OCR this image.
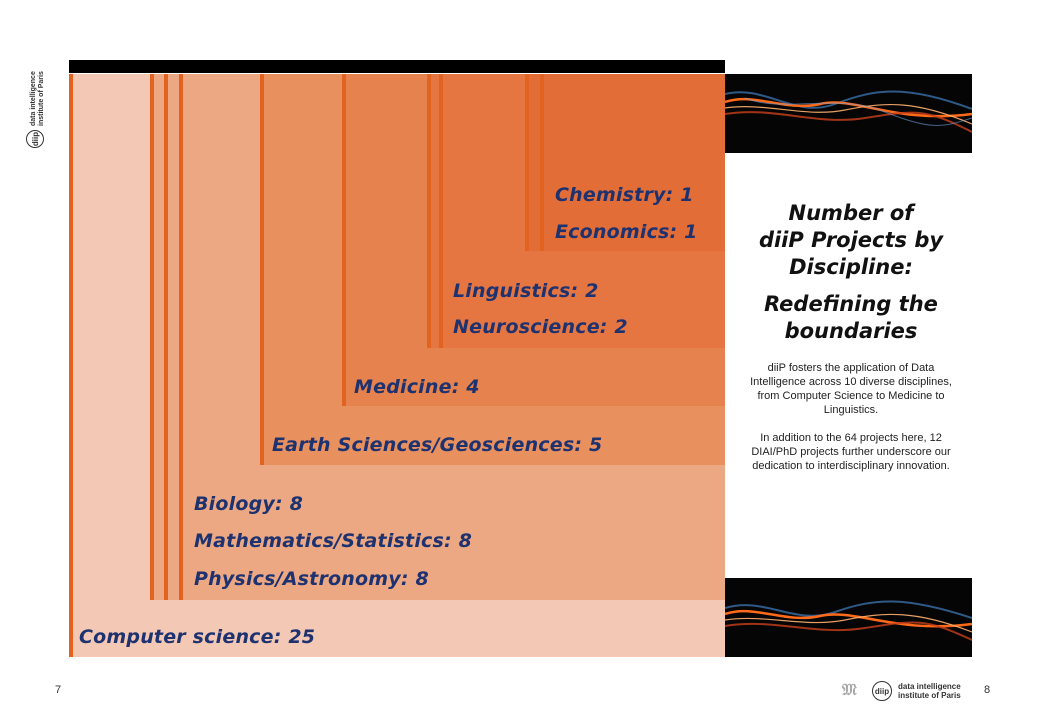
data intelligence
institute of Paris
diip
Computer science: 25
Physics/Astronomy: 8
Mathematics/Statistics: 8
Biology: 8
Earth Sciences/Geosciences: 5
Medicine: 4
Neuroscience: 2
Linguistics: 2
Economics: 1
Chemistry: 1
Number of
diiP Projects by
Discipline:
Redefining the
boundaries

diiP fosters the application of Data Intelligence across 10 diverse disciplines, from Computer Science to Medicine to Linguistics.

In addition to the 64 projects here, 12 DIAI/PhD projects further underscore our dedication to interdisciplinary innovation.

7	8
𝔐	diip	data intelligence
institute of Paris
